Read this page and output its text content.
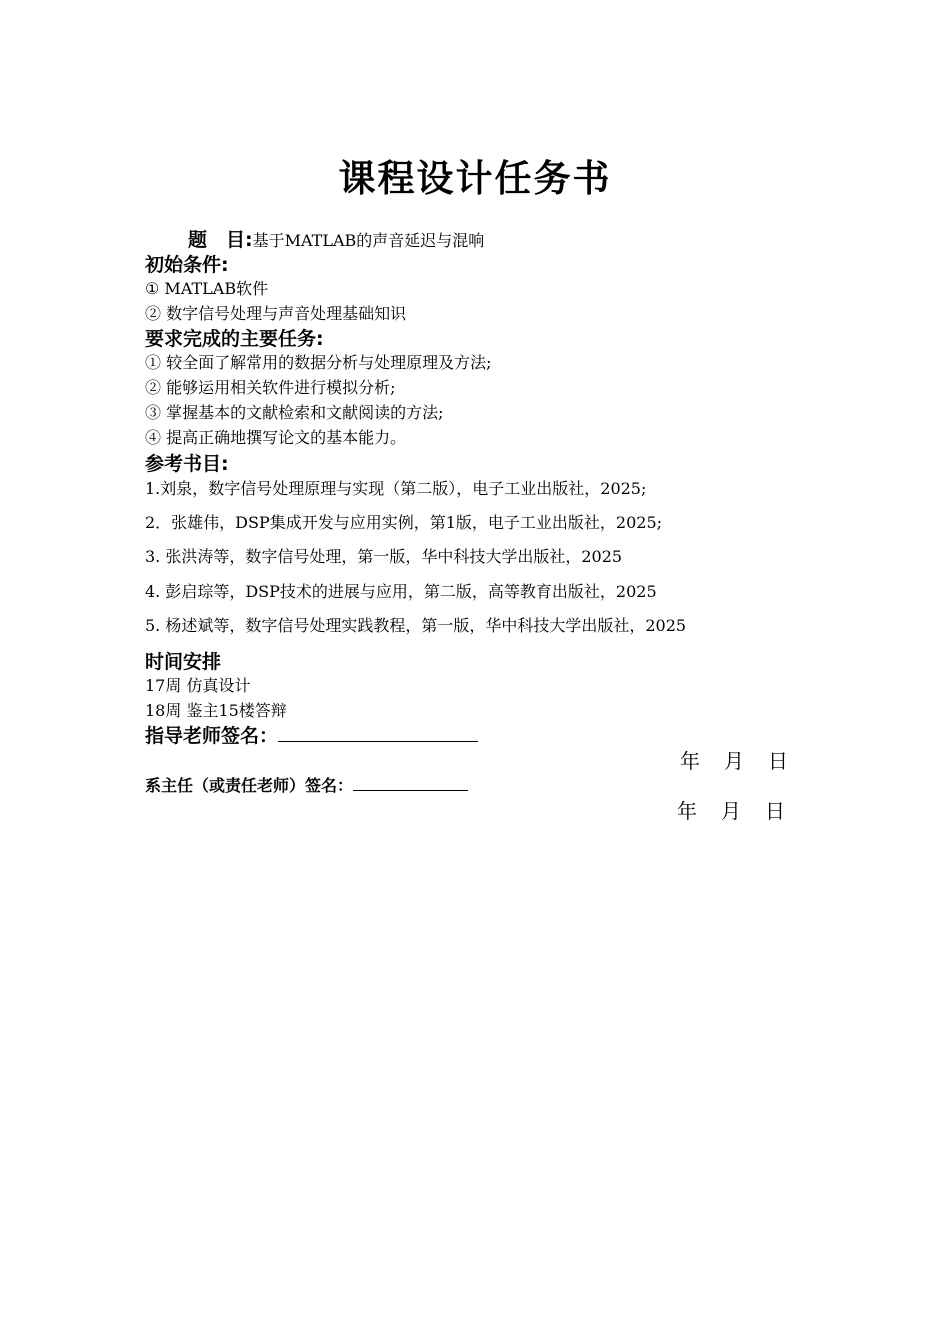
课程设计任务书
题　目:基于MATLAB的声音延迟与混响
初始条件:
① MATLAB软件
② 数字信号处理与声音处理基础知识
要求完成的主要任务:
① 较全面了解常用的数据分析与处理原理及方法;
② 能够运用相关软件进行模拟分析;
③ 掌握基本的文献检索和文献阅读的方法;
④ 提高正确地撰写论文的基本能力。
参考书目:
1.刘泉，数字信号处理原理与实现（第二版），电子工业出版社，2025;
2．张雄伟，DSP集成开发与应用实例，第1版，电子工业出版社，2025;
3. 张洪涛等，数字信号处理，第一版，华中科技大学出版社，2025
4. 彭启琮等，DSP技术的进展与应用，第二版，高等教育出版社，2025
5. 杨述斌等，数字信号处理实践教程，第一版，华中科技大学出版社，2025
时间安排
17周 仿真设计
18周 鉴主15楼答辩
指导老师签名：
年 月 日
系主任（或责任老师）签名：
年 月 日
